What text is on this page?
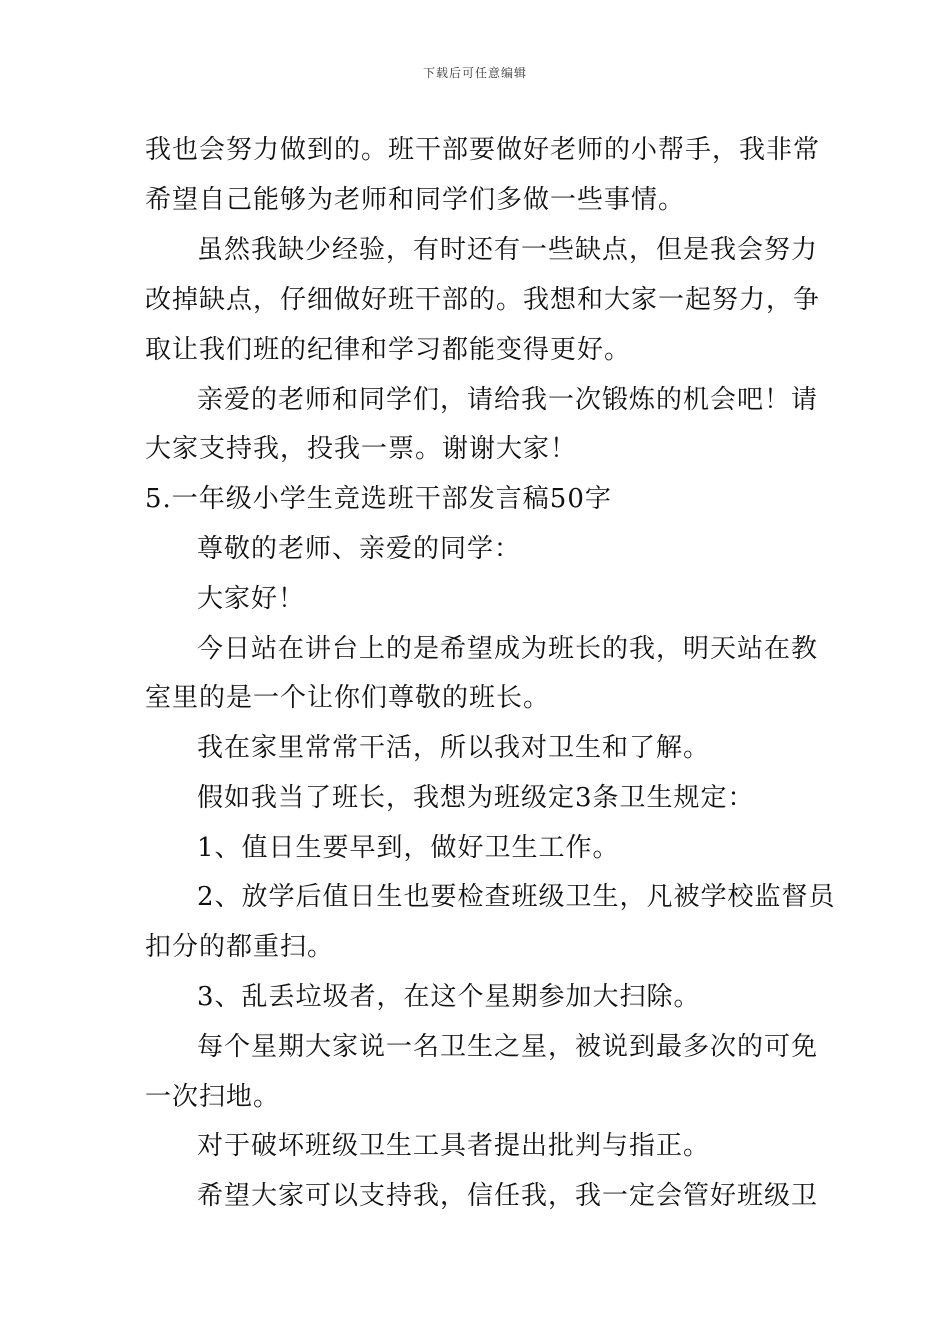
下载后可任意编辑
我也会努力做到的。班干部要做好老师的小帮手，我非常
希望自己能够为老师和同学们多做一些事情。
虽然我缺少经验，有时还有一些缺点，但是我会努力
改掉缺点，仔细做好班干部的。我想和大家一起努力，争
取让我们班的纪律和学习都能变得更好。
亲爱的老师和同学们，请给我一次锻炼的机会吧！请
大家支持我，投我一票。谢谢大家！
5.一年级小学生竞选班干部发言稿50字
尊敬的老师、亲爱的同学：
大家好！
今日站在讲台上的是希望成为班长的我，明天站在教
室里的是一个让你们尊敬的班长。
我在家里常常干活，所以我对卫生和了解。
假如我当了班长，我想为班级定3条卫生规定：
1、值日生要早到，做好卫生工作。
2、放学后值日生也要检查班级卫生，凡被学校监督员
扣分的都重扫。
3、乱丢垃圾者，在这个星期参加大扫除。
每个星期大家说一名卫生之星，被说到最多次的可免
一次扫地。
对于破坏班级卫生工具者提出批判与指正。
希望大家可以支持我，信任我，我一定会管好班级卫
